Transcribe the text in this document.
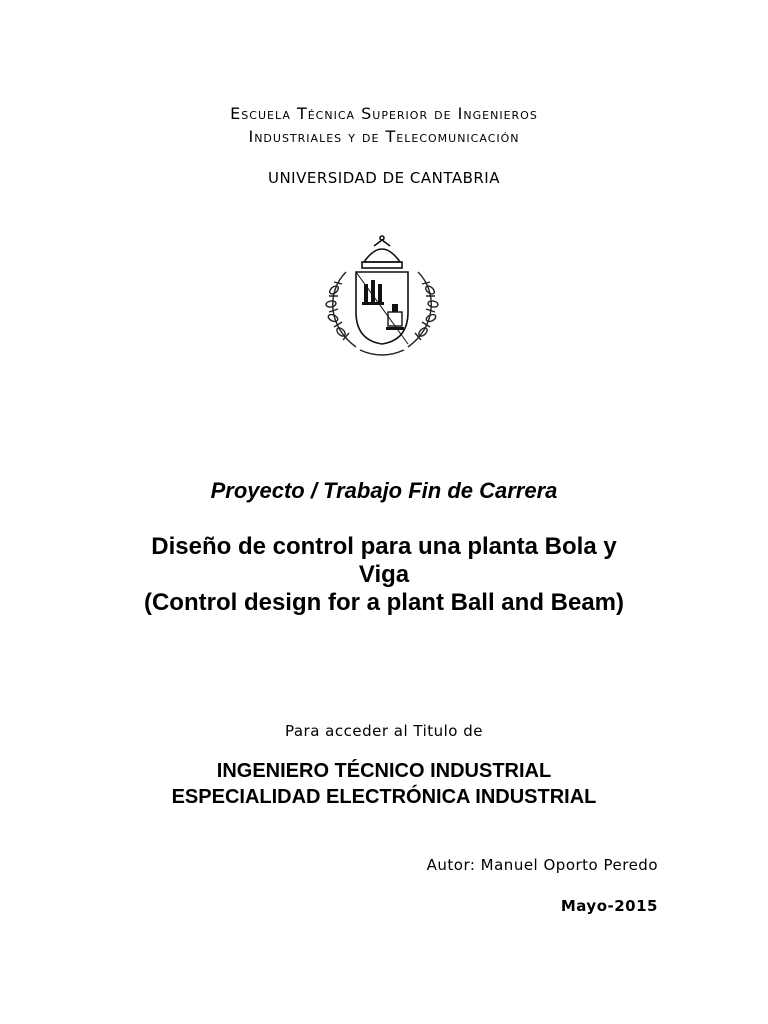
Escuela Técnica Superior de Ingenieros
Industriales y de Telecomunicación
UNIVERSIDAD DE CANTABRIA
Proyecto / Trabajo Fin de Carrera
Diseño de control para una planta Bola y
Viga
(Control design for a plant Ball and Beam)
Para acceder al Titulo de
INGENIERO TÉCNICO INDUSTRIAL
ESPECIALIDAD ELECTRÓNICA INDUSTRIAL
Autor: Manuel Oporto Peredo
Mayo-2015
